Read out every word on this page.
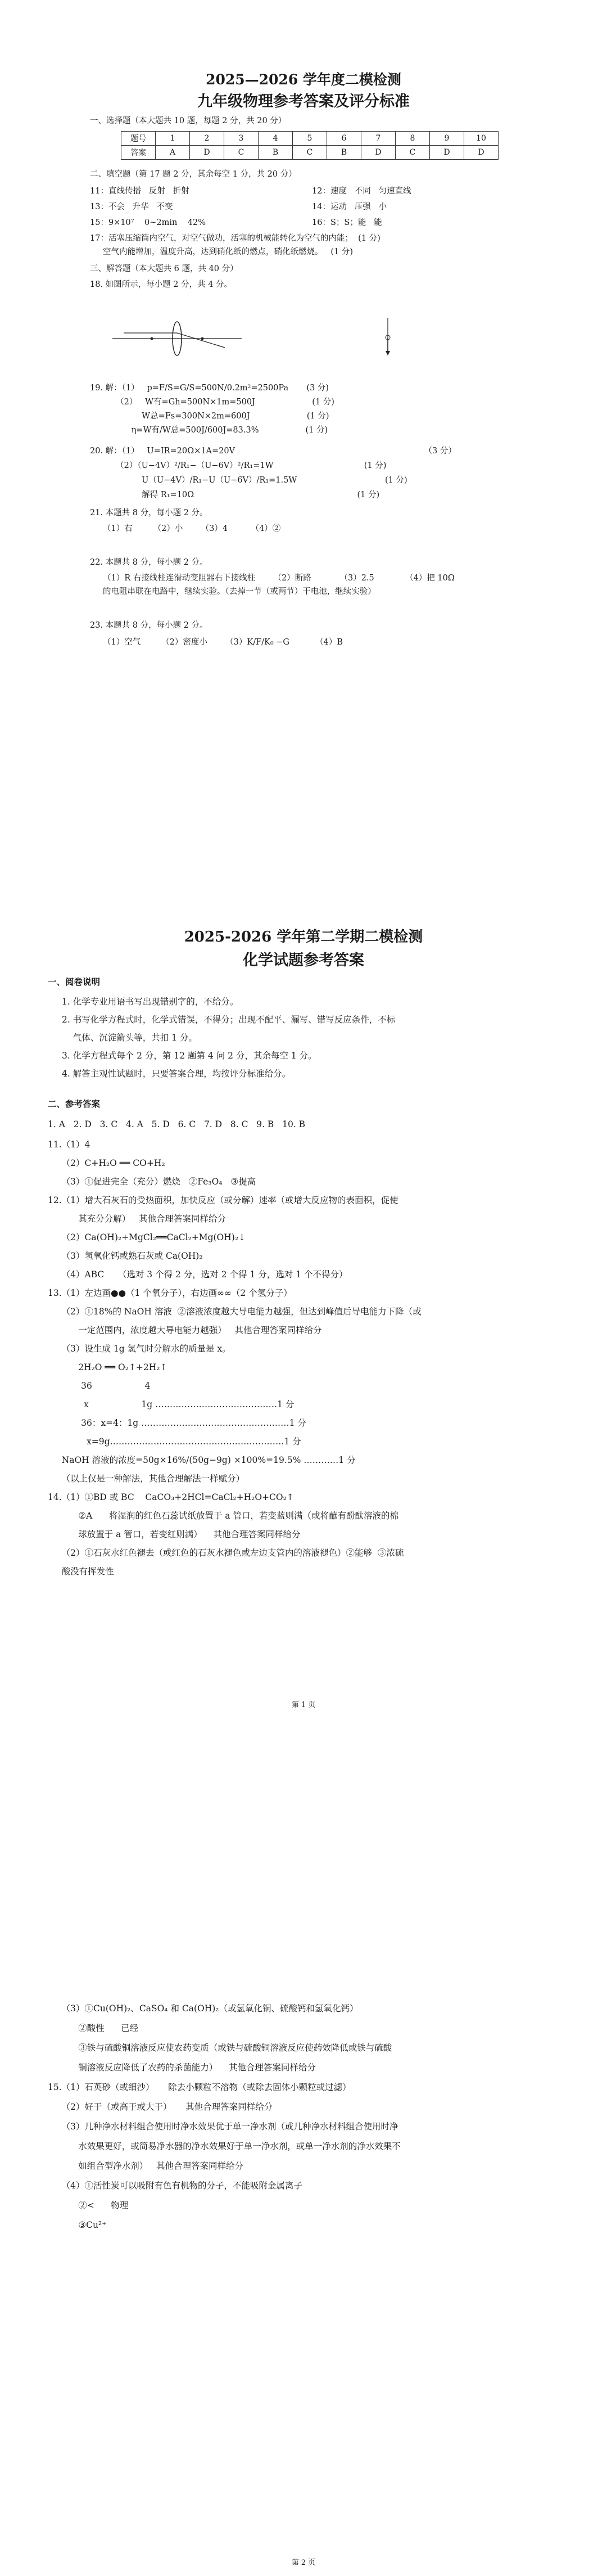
2025—2026 学年度二模检测
九年级物理参考答案及评分标准
一、选择题（本大题共 10 题，每题 2 分，共 20 分）
题号	1	2	3	4	5	6	7	8	9	10
答案	A	D	C	B	C	B	D	C	D	D
二、填空题（第 17 题 2 分，其余每空 1 分，共 20 分）
11：直线传播   反射   折射	12：速度   不同   匀速直线
13：不会   升华   不变	14：运动   压强   小
15：9×10⁷    0~2min    42%	16：S；S；能   能
17：活塞压缩筒内空气，对空气做功，活塞的机械能转化为空气的内能；  (1 分)
空气内能增加，温度升高，达到硝化纸的燃点，硝化纸燃烧。   (1 分)
三、解答题（本大题共 6 题，共 40 分）
18. 如图所示，每小题 2 分，共 4 分。
19. 解：（1）   p=F/S=G/S=500N/0.2m²=2500Pa       (3 分)
（2）   W有=Gh=500N×1m=500J                      (1 分)
W总=Fs=300N×2m=600J                      (1 分)
η=W有/W总=500J/600J=83.3%                  (1 分)
20. 解：（1）   U=IR=20Ω×1A=20V                                                                         （3 分）
（2）（U−4V）²/R₁−（U−6V）²/R₁=1W                                   (1 分)
U（U−4V）/R₁−U（U−6V）/R₁=1.5W                                  (1 分)
解得 R₁=10Ω                                                               (1 分)
21. 本题共 8 分，每小题 2 分。
（1）右        （2）小       （3）4         （4）②
22. 本题共 8 分，每小题 2 分。
（1）R 右接线柱连滑动变阻器右下接线柱       （2）断路           （3）2.5            （4）把 10Ω
的电阻串联在电路中，继续实验。（去掉一节（或两节）干电池，继续实验）
23. 本题共 8 分，每小题 2 分。
（1）空气        （2）密度小       （3）K/F/K₀ −G          （4）B
2025-2026 学年第二学期二模检测
化学试题参考答案
一、阅卷说明
1. 化学专业用语书写出现错别字的，不给分。
2. 书写化学方程式时，化学式错误，不得分；出现不配平、漏写、错写反应条件，不标
气体、沉淀箭头等，共扣 1 分。
3. 化学方程式每个 2 分，第 12 题第 4 问 2 分，其余每空 1 分。
4. 解答主观性试题时，只要答案合理，均按评分标准给分。
二、参考答案
1. A   2. D   3. C   4. A   5. D   6. C   7. D   8. C   9. B   10. B
11.（1）4
（2）C+H₂O ══ CO+H₂
（3）①促进完全（充分）燃烧   ②Fe₃O₄   ③提高
12.（1）增大石灰石的受热面积，加快反应（或分解）速率（或增大反应物的表面积，促使
其充分分解）   其他合理答案同样给分
（2）Ca(OH)₂+MgCl₂══CaCl₂+Mg(OH)₂↓
（3）氢氧化钙或熟石灰或 Ca(OH)₂
（4）ABC     （选对 3 个得 2 分，选对 2 个得 1 分，选对 1 个不得分）
13.（1）左边画●●（1 个氧分子），右边画∞∞（2 个氢分子）
（2）①18%的 NaOH 溶液  ②溶液浓度越大导电能力越强，但达到峰值后导电能力下降（或
一定范围内，浓度越大导电能力越强）   其他合理答案同样给分
（3）设生成 1g 氢气时分解水的质量是 x。
2H₂O ══ O₂↑+2H₂↑
36                   4
x                   1g ……………………………………1 分
36：x=4：1g ……………………………………………1 分
x=9g……………………………………………………1 分
NaOH 溶液的浓度=50g×16%/(50g−9g) ×100%=19.5% …………1 分
（以上仅是一种解法，其他合理解法一样赋分）
14.（1）①BD 或 BC    CaCO₃+2HCl=CaCl₂+H₂O+CO₂↑
②A      将湿润的红色石蕊试纸放置于 a 管口，若变蓝则满（或将蘸有酚酞溶液的棉
球放置于 a 管口，若变红则满）    其他合理答案同样给分
（2）①石灰水红色褪去（或红色的石灰水褪色或左边支管内的溶液褪色）②能够  ③浓硫
酸没有挥发性
第 1 页
（3）①Cu(OH)₂、CaSO₄ 和 Ca(OH)₂（或氢氧化铜、硫酸钙和氢氧化钙）
②酸性      已经
③铁与硫酸铜溶液反应使农药变质（或铁与硫酸铜溶液反应使药效降低或铁与硫酸
铜溶液反应降低了农药的杀菌能力）    其他合理答案同样给分
15.（1）石英砂（或细沙）     除去小颗粒不溶物（或除去固体小颗粒或过滤）
（2）好于（或高于或大于）     其他合理答案同样给分
（3）几种净水材料组合使用时净水效果优于单一净水剂（或几种净水材料组合使用时净
水效果更好，或简易净水器的净水效果好于单一净水剂，或单一净水剂的净水效果不
如组合型净水剂）   其他合理答案同样给分
（4）①活性炭可以吸附有色有机物的分子，不能吸附金属离子
②<      物理
③Cu²⁺
第 2 页
